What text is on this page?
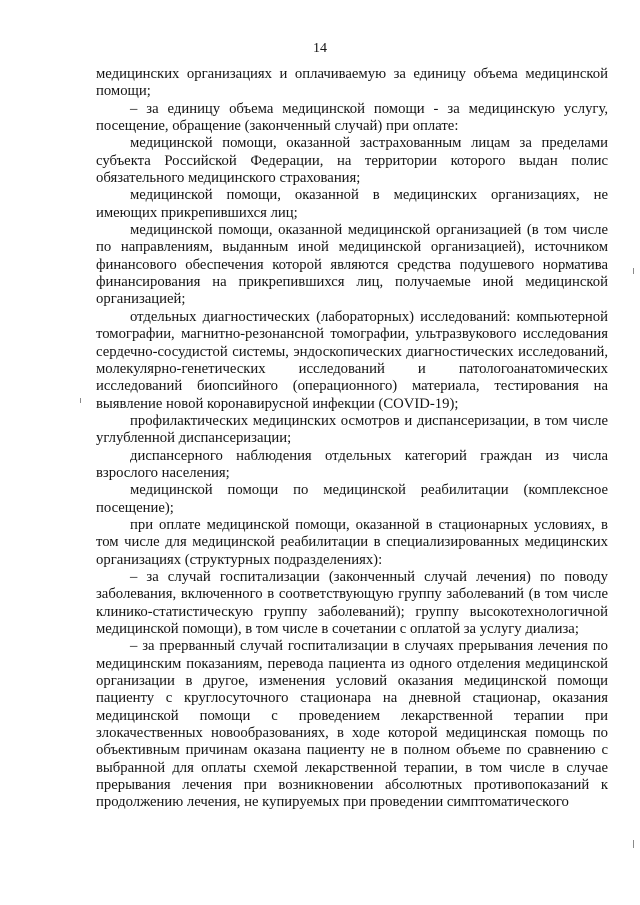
14

медицинских организациях и оплачиваемую за единицу объема медицинской помощи;

– за единицу объема медицинской помощи - за медицинскую услугу, посещение, обращение (законченный случай) при оплате:

медицинской помощи, оказанной застрахованным лицам за пределами субъекта Российской Федерации, на территории которого выдан полис обязательного медицинского страхования;

медицинской помощи, оказанной в медицинских организациях, не имеющих прикрепившихся лиц;

медицинской помощи, оказанной медицинской организацией (в том числе по направлениям, выданным иной медицинской организацией), источником финансового обеспечения которой являются средства подушевого норматива финансирования на прикрепившихся лиц, получаемые иной медицинской организацией;

отдельных диагностических (лабораторных) исследований: компьютерной томографии, магнитно-резонансной томографии, ультразвукового исследования сердечно-сосудистой системы, эндоскопических диагностических исследований, молекулярно-генетических исследований и патологоанатомических исследований биопсийного (операционного) материала, тестирования на выявление новой коронавирусной инфекции (COVID-19);

профилактических медицинских осмотров и диспансеризации, в том числе углубленной диспансеризации;

диспансерного наблюдения отдельных категорий граждан из числа взрослого населения;

медицинской помощи по медицинской реабилитации (комплексное посещение);

при оплате медицинской помощи, оказанной в стационарных условиях, в том числе для медицинской реабилитации в специализированных медицинских организациях (структурных подразделениях):

– за случай госпитализации (законченный случай лечения) по поводу заболевания, включенного в соответствующую группу заболеваний (в том числе клинико-статистическую группу заболеваний); группу высокотехнологичной медицинской помощи), в том числе в сочетании с оплатой за услугу диализа;

– за прерванный случай госпитализации в случаях прерывания лечения по медицинским показаниям, перевода пациента из одного отделения медицинской организации в другое, изменения условий оказания медицинской помощи пациенту с круглосуточного стационара на дневной стационар, оказания медицинской помощи с проведением лекарственной терапии при злокачественных новообразованиях, в ходе которой медицинская помощь по объективным причинам оказана пациенту не в полном объеме по сравнению с выбранной для оплаты схемой лекарственной терапии, в том числе в случае прерывания лечения при возникновении абсолютных противопоказаний к продолжению лечения, не купируемых при проведении симптоматического
